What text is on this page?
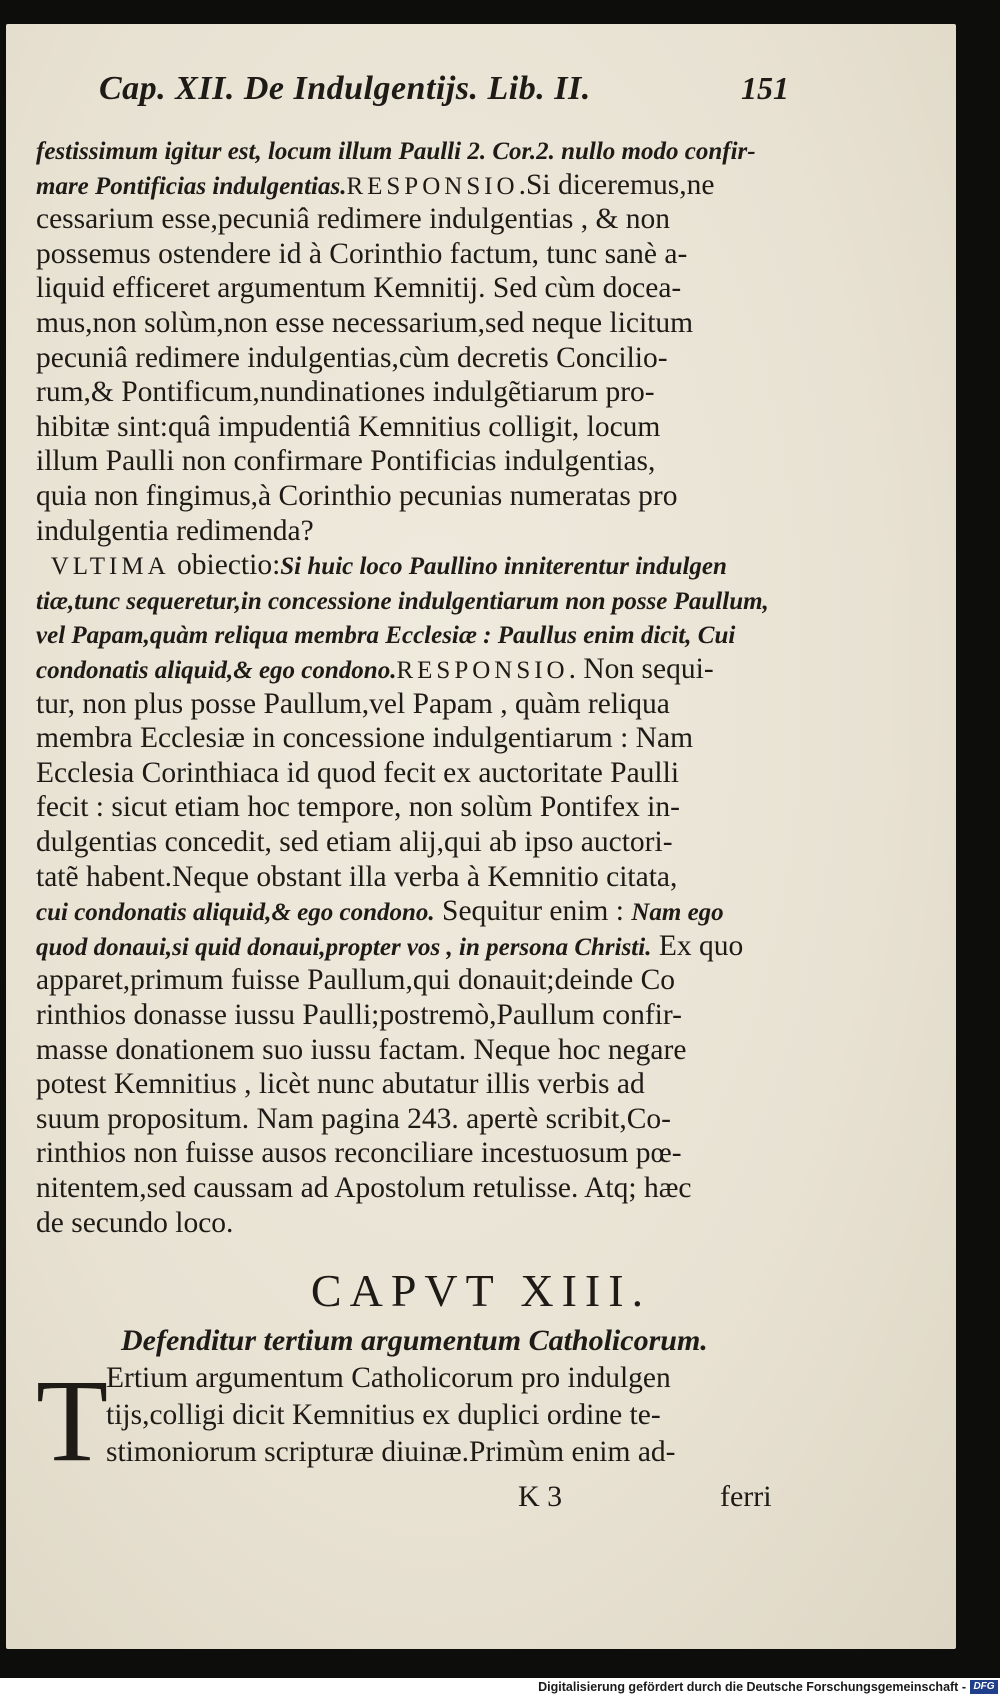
Cap. XII. De Indulgentijs. Lib. II.	151
festissimum igitur est, locum illum Paulli 2. Cor.2. nullo modo confir-
mare Pontificias indulgentias.RESPONSIO.Si diceremus,ne
cessarium esse,pecuniâ redimere indulgentias , & non
possemus ostendere id à Corinthio factum, tunc sanè a-
liquid efficeret argumentum Kemnitij. Sed cùm docea-
mus,non solùm,non esse necessarium,sed neque licitum
pecuniâ redimere indulgentias,cùm decretis Concilio-
rum,& Pontificum,nundinationes indulgẽtiarum pro-
hibitæ sint:quâ impudentiâ Kemnitius colligit, locum
illum Paulli non confirmare Pontificias indulgentias,
quia non fingimus,à Corinthio pecunias numeratas pro
indulgentia redimenda?
VLTIMA obiectio:Si huic loco Paullino inniterentur indulgen
tiæ,tunc sequeretur,in concessione indulgentiarum non posse Paullum,
vel Papam,quàm reliqua membra Ecclesiæ : Paullus enim dicit, Cui
condonatis aliquid,& ego condono.RESPONSIO. Non sequi-
tur, non plus posse Paullum,vel Papam , quàm reliqua
membra Ecclesiæ in concessione indulgentiarum : Nam
Ecclesia Corinthiaca id quod fecit ex auctoritate Paulli
fecit : sicut etiam hoc tempore, non solùm Pontifex in-
dulgentias concedit, sed etiam alij,qui ab ipso auctori-
tatẽ habent.Neque obstant illa verba à Kemnitio citata,
cui condonatis aliquid,& ego condono. Sequitur enim : Nam ego
quod donaui,si quid donaui,propter vos , in persona Christi. Ex quo
apparet,primum fuisse Paullum,qui donauit;deinde Co
rinthios donasse iussu Paulli;postremò,Paullum confir-
masse donationem suo iussu factam. Neque hoc negare
potest Kemnitius , licèt nunc abutatur illis verbis ad
suum propositum. Nam pagina 243. apertè scribit,Co-
rinthios non fuisse ausos reconciliare incestuosum pœ-
nitentem,sed caussam ad Apostolum retulisse. Atq; hæc
de secundo loco.
CAPVT XIII.
Defenditur tertium argumentum Catholicorum.
T
Ertium argumentum Catholicorum pro indulgen
tijs,colligi dicit Kemnitius ex duplici ordine te-
stimoniorum scripturæ diuinæ.Primùm enim ad-
K 3	ferri
Digitalisierung gefördert durch die Deutsche Forschungsgemeinschaft - DFG
